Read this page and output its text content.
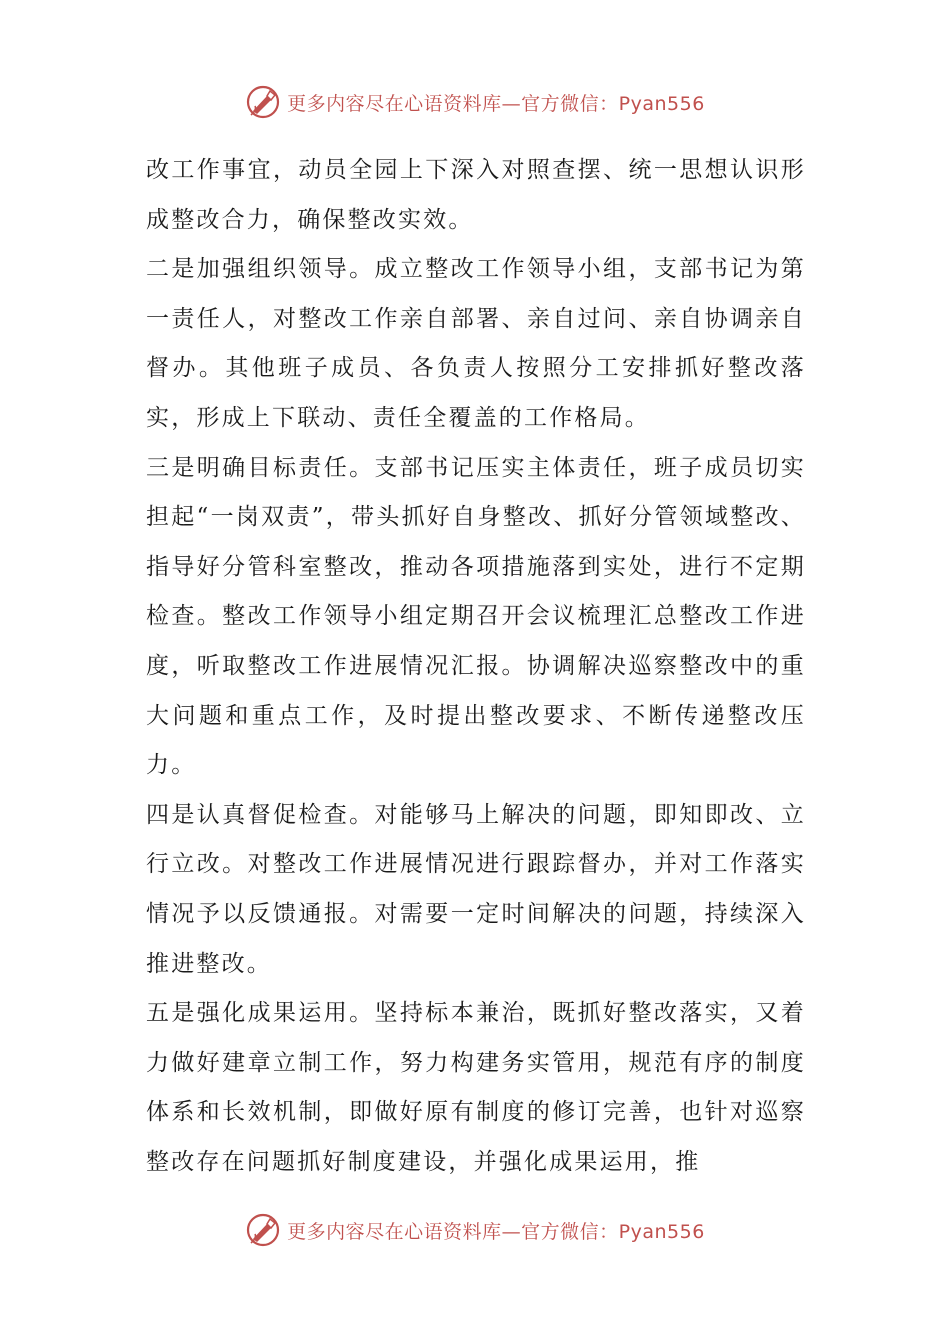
更多内容尽在心语资料库—官方微信：Pyan556

改工作事宜，动员全园上下深入对照查摆、统一思想认识形成整改合力，确保整改实效。

二是加强组织领导。成立整改工作领导小组，支部书记为第一责任人，对整改工作亲自部署、亲自过问、亲自协调亲自督办。其他班子成员、各负责人按照分工安排抓好整改落实，形成上下联动、责任全覆盖的工作格局。

三是明确目标责任。支部书记压实主体责任，班子成员切实担起“一岗双责”，带头抓好自身整改、抓好分管领域整改、指导好分管科室整改，推动各项措施落到实处，进行不定期检查。整改工作领导小组定期召开会议梳理汇总整改工作进度，听取整改工作进展情况汇报。协调解决巡察整改中的重大问题和重点工作，及时提出整改要求、不断传递整改压力。

四是认真督促检查。对能够马上解决的问题，即知即改、立行立改。对整改工作进展情况进行跟踪督办，并对工作落实情况予以反馈通报。对需要一定时间解决的问题，持续深入推进整改。

五是强化成果运用。坚持标本兼治，既抓好整改落实，又着力做好建章立制工作，努力构建务实管用，规范有序的制度体系和长效机制，即做好原有制度的修订完善，也针对巡察整改存在问题抓好制度建设，并强化成果运用，推

更多内容尽在心语资料库—官方微信：Pyan556
